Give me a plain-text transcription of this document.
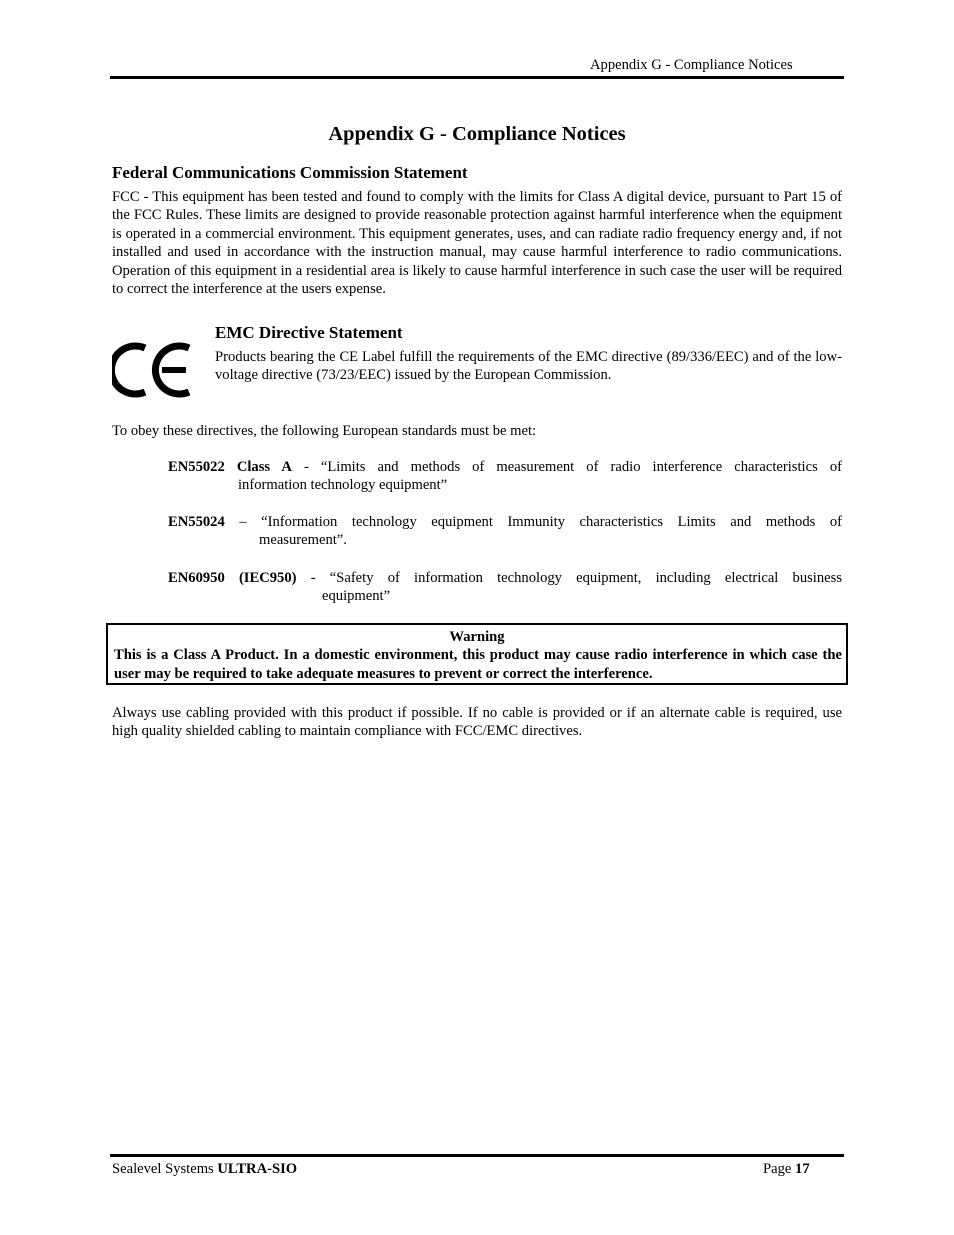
Appendix G - Compliance Notices
Appendix G - Compliance Notices
Federal Communications Commission Statement
FCC - This equipment has been tested and found to comply with the limits for Class A digital device, pursuant to Part 15 of the FCC Rules. These limits are designed to provide reasonable protection against harmful interference when the equipment is operated in a commercial environment. This equipment generates, uses, and can radiate radio frequency energy and, if not installed and used in accordance with the instruction manual, may cause harmful interference to radio communications. Operation of this equipment in a residential area is likely to cause harmful interference in such case the user will be required to correct the interference at the users expense.
EMC Directive Statement
Products bearing the CE Label fulfill the requirements of the EMC directive (89/336/EEC) and of the low-voltage directive (73/23/EEC) issued by the European Commission.
To obey these directives, the following European standards must be met:
EN55022 Class A - “Limits and methods of measurement of radio interference characteristics of
information technology equipment”
EN55024 – “Information technology equipment Immunity characteristics Limits and methods of
measurement”.
EN60950 (IEC950) - “Safety of information technology equipment, including electrical business
equipment”
Warning
This is a Class A Product. In a domestic environment, this product may cause radio interference in which case the user may be required to take adequate measures to prevent or correct the interference.
Always use cabling provided with this product if possible. If no cable is provided or if an alternate cable is required, use high quality shielded cabling to maintain compliance with FCC/EMC directives.
Sealevel Systems ULTRA-SIO	Page 17
